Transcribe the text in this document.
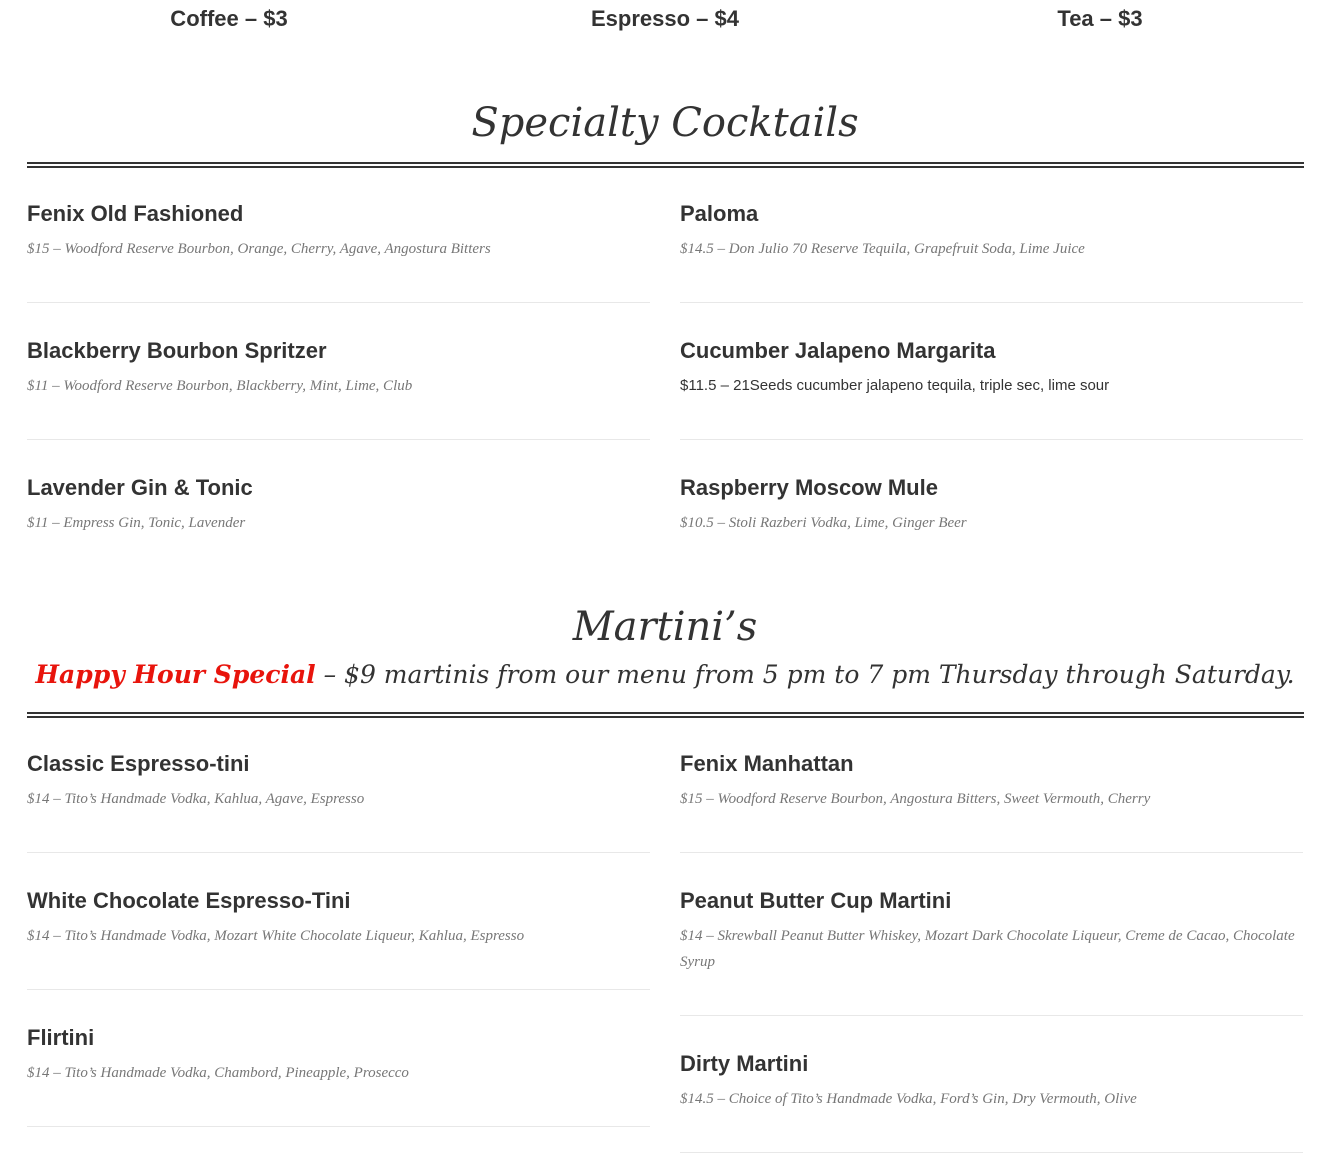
Coffee – $3	Espresso – $4	Tea – $3
Specialty Cocktails
Fenix Old Fashioned
$15 – Woodford Reserve Bourbon, Orange, Cherry, Agave, Angostura Bitters
Paloma
$14.5 – Don Julio 70 Reserve Tequila, Grapefruit Soda, Lime Juice
Blackberry Bourbon Spritzer
$11 – Woodford Reserve Bourbon, Blackberry, Mint, Lime, Club
Cucumber Jalapeno Margarita
$11.5 – 21Seeds cucumber jalapeno tequila, triple sec, lime sour
Lavender Gin & Tonic
$11 – Empress Gin, Tonic, Lavender
Raspberry Moscow Mule
$10.5 – Stoli Razberi Vodka, Lime, Ginger Beer
Martini’s
Happy Hour Special – $9 martinis from our menu from 5 pm to 7 pm Thursday through Saturday.
Classic Espresso-tini
$14 – Tito’s Handmade Vodka, Kahlua, Agave, Espresso
Fenix Manhattan
$15 – Woodford Reserve Bourbon, Angostura Bitters, Sweet Vermouth, Cherry
White Chocolate Espresso-Tini
$14 – Tito’s Handmade Vodka, Mozart White Chocolate Liqueur, Kahlua, Espresso
Peanut Butter Cup Martini
$14 – Skrewball Peanut Butter Whiskey, Mozart Dark Chocolate Liqueur, Creme de Cacao, Chocolate Syrup
Flirtini
$14 – Tito’s Handmade Vodka, Chambord, Pineapple, Prosecco	Dirty Martini
$14.5 – Choice of Tito’s Handmade Vodka, Ford’s Gin, Dry Vermouth, Olive
